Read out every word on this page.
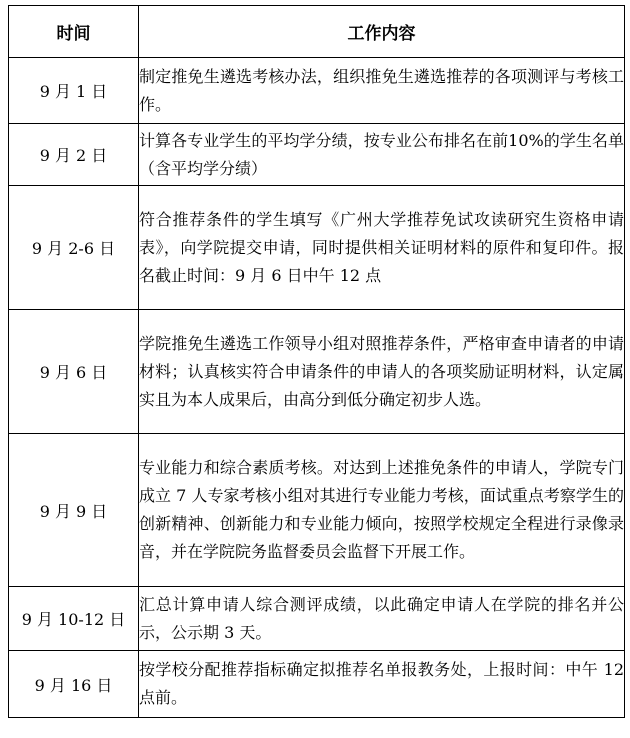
时间	工作内容
9 月 1 日	制定推免生遴选考核办法，组织推免生遴选推荐的各项测评与考核工作。
9 月 2 日	计算各专业学生的平均学分绩，按专业公布排名在前10%的学生名单（含平均学分绩）
9 月 2-6 日	符合推荐条件的学生填写《广州大学推荐免试攻读研究生资格申请表》，向学院提交申请，同时提供相关证明材料的原件和复印件。报名截止时间：9 月 6 日中午 12 点
9 月 6 日	学院推免生遴选工作领导小组对照推荐条件，严格审查申请者的申请材料；认真核实符合申请条件的申请人的各项奖励证明材料，认定属实且为本人成果后，由高分到低分确定初步人选。
9 月 9 日	专业能力和综合素质考核。对达到上述推免条件的申请人，学院专门成立 7 人专家考核小组对其进行专业能力考核，面试重点考察学生的创新精神、创新能力和专业能力倾向，按照学校规定全程进行录像录音，并在学院院务监督委员会监督下开展工作。
9 月 10-12 日	汇总计算申请人综合测评成绩，以此确定申请人在学院的排名并公示，公示期 3 天。
9 月 16 日	按学校分配推荐指标确定拟推荐名单报教务处，上报时间：中午 12 点前。
